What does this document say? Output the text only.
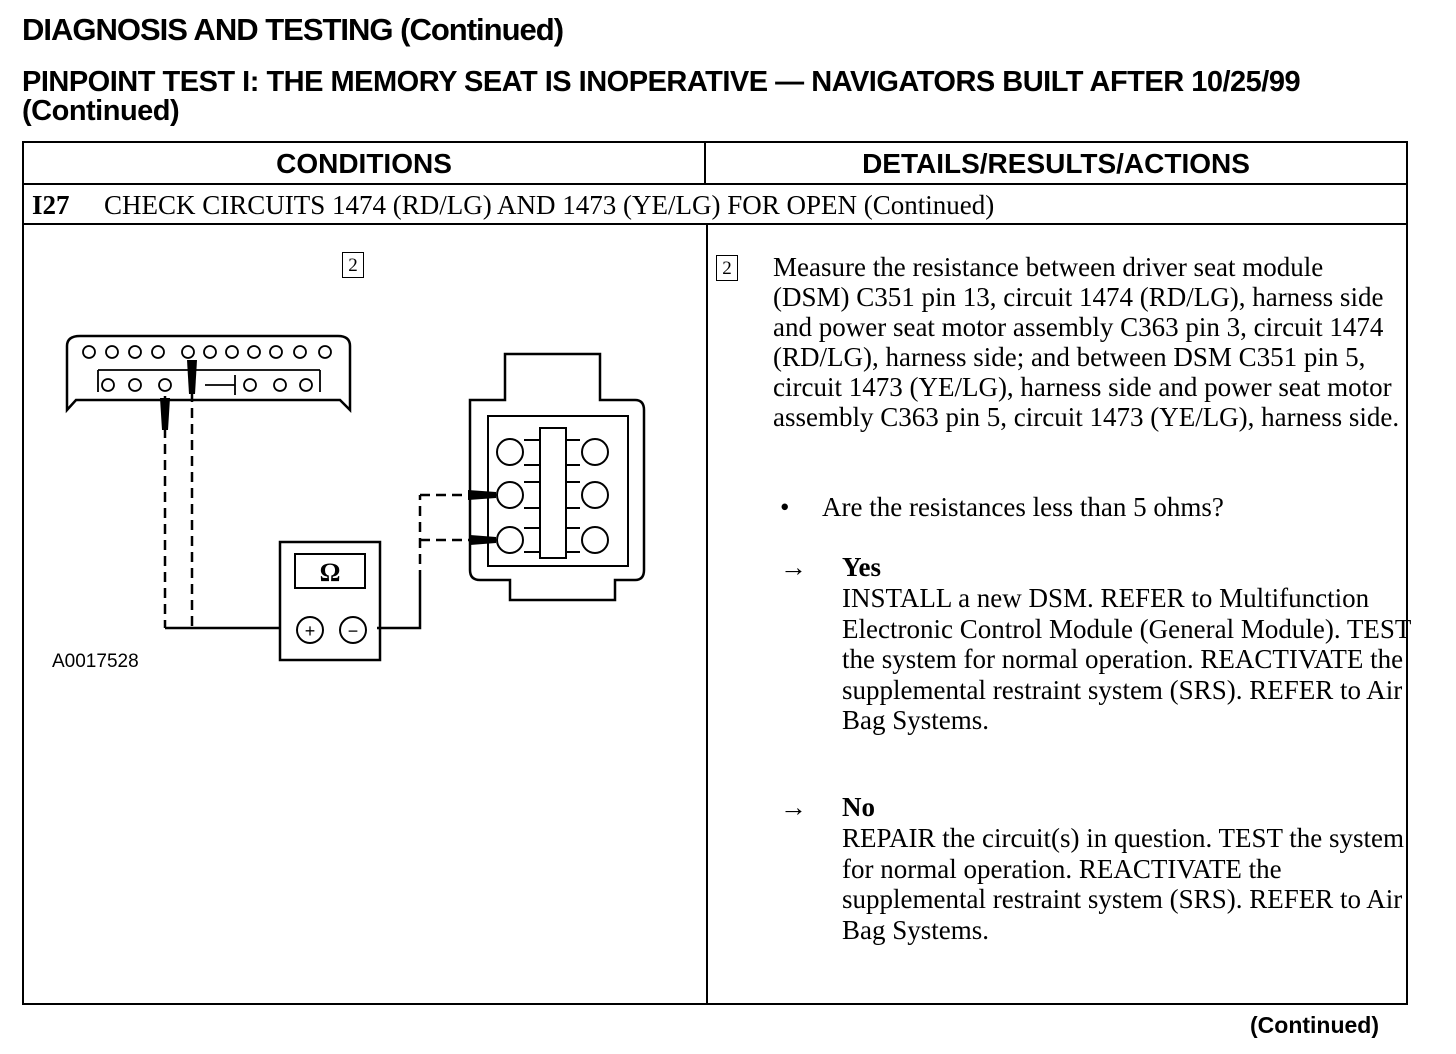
DIAGNOSIS AND TESTING (Continued)
PINPOINT TEST I: THE MEMORY SEAT IS INOPERATIVE — NAVIGATORS BUILT AFTER 10/25/99 (Continued)
CONDITIONS	DETAILS/RESULTS/ACTIONS
I27 CHECK CIRCUITS 1474 (RD/LG) AND 1473 (YE/LG) FOR OPEN (Continued)
2
Ω
+ −
A0017528
2 Measure the resistance between driver seat module (DSM) C351 pin 13, circuit 1474 (RD/LG), harness side and power seat motor assembly C363 pin 3, circuit 1474 (RD/LG), harness side; and between DSM C351 pin 5, circuit 1473 (YE/LG), harness side and power seat motor assembly C363 pin 5, circuit 1473 (YE/LG), harness side.
• Are the resistances less than 5 ohms?
→ Yes
INSTALL a new DSM. REFER to Multifunction Electronic Control Module (General Module). TEST the system for normal operation. REACTIVATE the supplemental restraint system (SRS). REFER to Air Bag Systems.
→ No
REPAIR the circuit(s) in question. TEST the system for normal operation. REACTIVATE the supplemental restraint system (SRS). REFER to Air Bag Systems.
(Continued)
